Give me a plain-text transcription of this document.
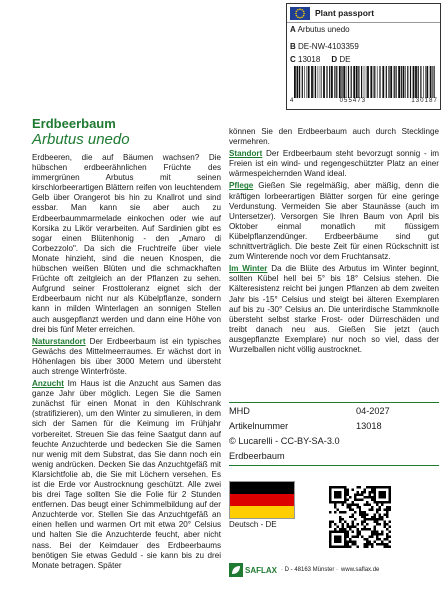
Plant passport
A Arbutus unedo
B DE-NW-4103359
C 13018 D DE
4	055473	130187
Erdbeerbaum
Arbutus unedo

Erdbeeren, die auf Bäumen wachsen? Die hübschen erdbeerähnlichen Früchte des immergrünen Arbutus mit seinen kirschlorbeerartigen Blättern reifen von leuchtendem Gelb über Orangerot bis hin zu Knallrot und sind essbar. Man kann sie aber auch zu Erdbeerbaummarmelade einkochen oder wie auf Korsika zu Likör verarbeiten. Auf Sardinien gibt es sogar einen Blütenhonig - den „Amaro di Corbezzolo". Da sich die Fruchtreife über viele Monate hinzieht, sind die neuen Knospen, die hübschen weißen Blüten und die schmackhaften Früchte oft zeitgleich an der Pflanzen zu sehen. Aufgrund seiner Frosttoleranz eignet sich der Erdbeerbaum nicht nur als Kübelpflanze, sondern kann in milden Winterlagen an sonnigen Stellen auch ausgepflanzt werden und dann eine Höhe von drei bis fünf Meter erreichen.

Naturstandort Der Erdbeerbaum ist ein typisches Gewächs des Mittelmeerraumes. Er wächst dort in Höhenlagen bis über 3000 Metern und übersteht auch strenge Winterfröste.

Anzucht Im Haus ist die Anzucht aus Samen das ganze Jahr über möglich. Legen Sie die Samen zunächst für einen Monat in den Kühlschrank (stratifizieren), um den Winter zu simulieren, in dem sich der Samen für die Keimung im Frühjahr vorbereitet. Streuen Sie das feine Saatgut dann auf feuchte Anzuchterde und bedecken Sie die Samen nur wenig mit dem Substrat, das Sie dann noch ein wenig andrücken. Decken Sie das Anzuchtgefäß mit Klarsichtfolie ab, die Sie mit Löchern versehen. Es ist die Erde vor Austrocknung geschützt. Alle zwei bis drei Tage sollten Sie die Folie für 2 Stunden entfernen. Das beugt einer Schimmelbildung auf der Anzuchterde vor. Stellen Sie das Anzuchtgefäß an einen hellen und warmen Ort mit etwa 20° Celsius und halten Sie die Anzuchterde feucht, aber nicht nass. Bei der Keimdauer des Erdbeerbaums benötigen Sie etwas Geduld - sie kann bis zu drei Monate betragen. Später

können Sie den Erdbeerbaum auch durch Stecklinge vermehren.

Standort Der Erdbeerbaum steht bevorzugt sonnig - im Freien ist ein wind- und regengeschützter Platz an einer wärmespeichernden Wand ideal.

Pflege Gießen Sie regelmäßig, aber mäßig, denn die kräftigen lorbeerartigen Blätter sorgen für eine geringe Verdunstung. Vermeiden Sie aber Staunässe (auch im Untersetzer). Versorgen Sie Ihren Baum von April bis Oktober einmal monatlich mit flüssigem Kübelpflanzendünger. Erdbeerbäume sind gut schnittverträglich. Die beste Zeit für einen Rückschnitt ist zum Winterende noch vor dem Fruchtansatz.

Im Winter Da die Blüte des Arbutus im Winter beginnt, sollten Kübel hell bei 5° bis 18° Celsius stehen. Die Kälteresistenz reicht bei jungen Pflanzen ab dem zweiten Jahr bis -15° Celsius und steigt bei älteren Exemplaren auf bis zu -30° Celsius an. Die unterirdische Stammknolle übersteht selbst starke Frost- oder Dürreschäden und treibt danach neu aus. Gießen Sie jetzt (auch ausgepflanzte Exemplare) nur noch so viel, dass der Wurzelballen nicht völlig austrocknet.

MHD	04-2027
Artikelnummer	13018
© Lucarelli - CC-BY-SA-3.0
Erdbeerbaum
Deutsch - DE
SAFLAX · D - 48163 Münster · www.saflax.de
